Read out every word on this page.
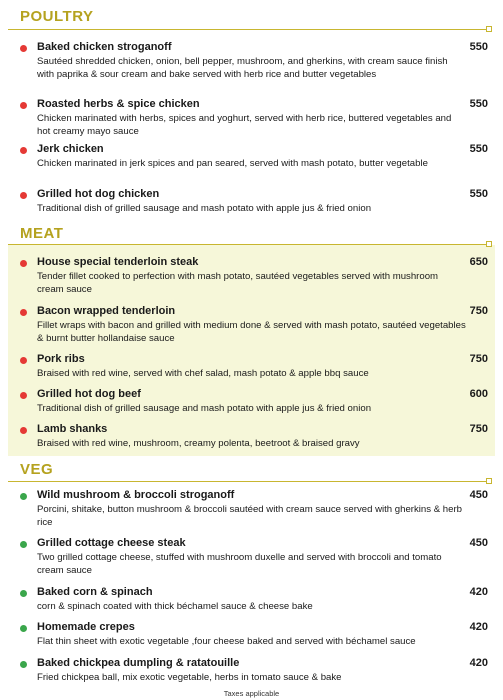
POULTRY
Baked chicken stroganoff	550
Sautéed shredded chicken, onion, bell pepper, mushroom, and gherkins, with cream sauce finish with paprika & sour cream and bake served with herb rice and butter vegetables
Roasted herbs & spice chicken	550
Chicken marinated with herbs, spices and yoghurt, served with herb rice, buttered vegetables and hot creamy mayo sauce
Jerk chicken	550
Chicken marinated in jerk spices and pan seared, served with mash potato, butter vegetable
Grilled hot dog chicken	550
Traditional dish of grilled sausage and mash potato with apple jus & fried onion
MEAT
House special tenderloin steak	650
Tender fillet cooked to perfection with mash potato, sautéed vegetables served with mushroom cream sauce
Bacon wrapped tenderloin	750
Fillet wraps with bacon and grilled with medium done & served with mash potato, sautéed vegetables & burnt butter hollandaise sauce
Pork ribs	750
Braised with red wine, served with chef salad, mash potato & apple bbq sauce
Grilled hot dog beef	600
Traditional dish of grilled sausage and mash potato with apple jus & fried onion
Lamb shanks	750
Braised with red wine, mushroom, creamy polenta, beetroot & braised gravy
VEG
Wild mushroom & broccoli stroganoff	450
Porcini, shitake, button mushroom & broccoli sautéed with cream sauce served with gherkins & herb rice
Grilled cottage cheese steak	450
Two grilled cottage cheese, stuffed with mushroom duxelle and served with broccoli and tomato cream sauce
Baked corn & spinach	420
corn & spinach coated with thick béchamel sauce & cheese bake
Homemade crepes	420
Flat thin sheet with exotic vegetable ,four cheese baked and served with béchamel sauce
Baked chickpea dumpling & ratatouille	420
Fried chickpea ball, mix exotic vegetable, herbs in tomato sauce & bake
Taxes applicable
